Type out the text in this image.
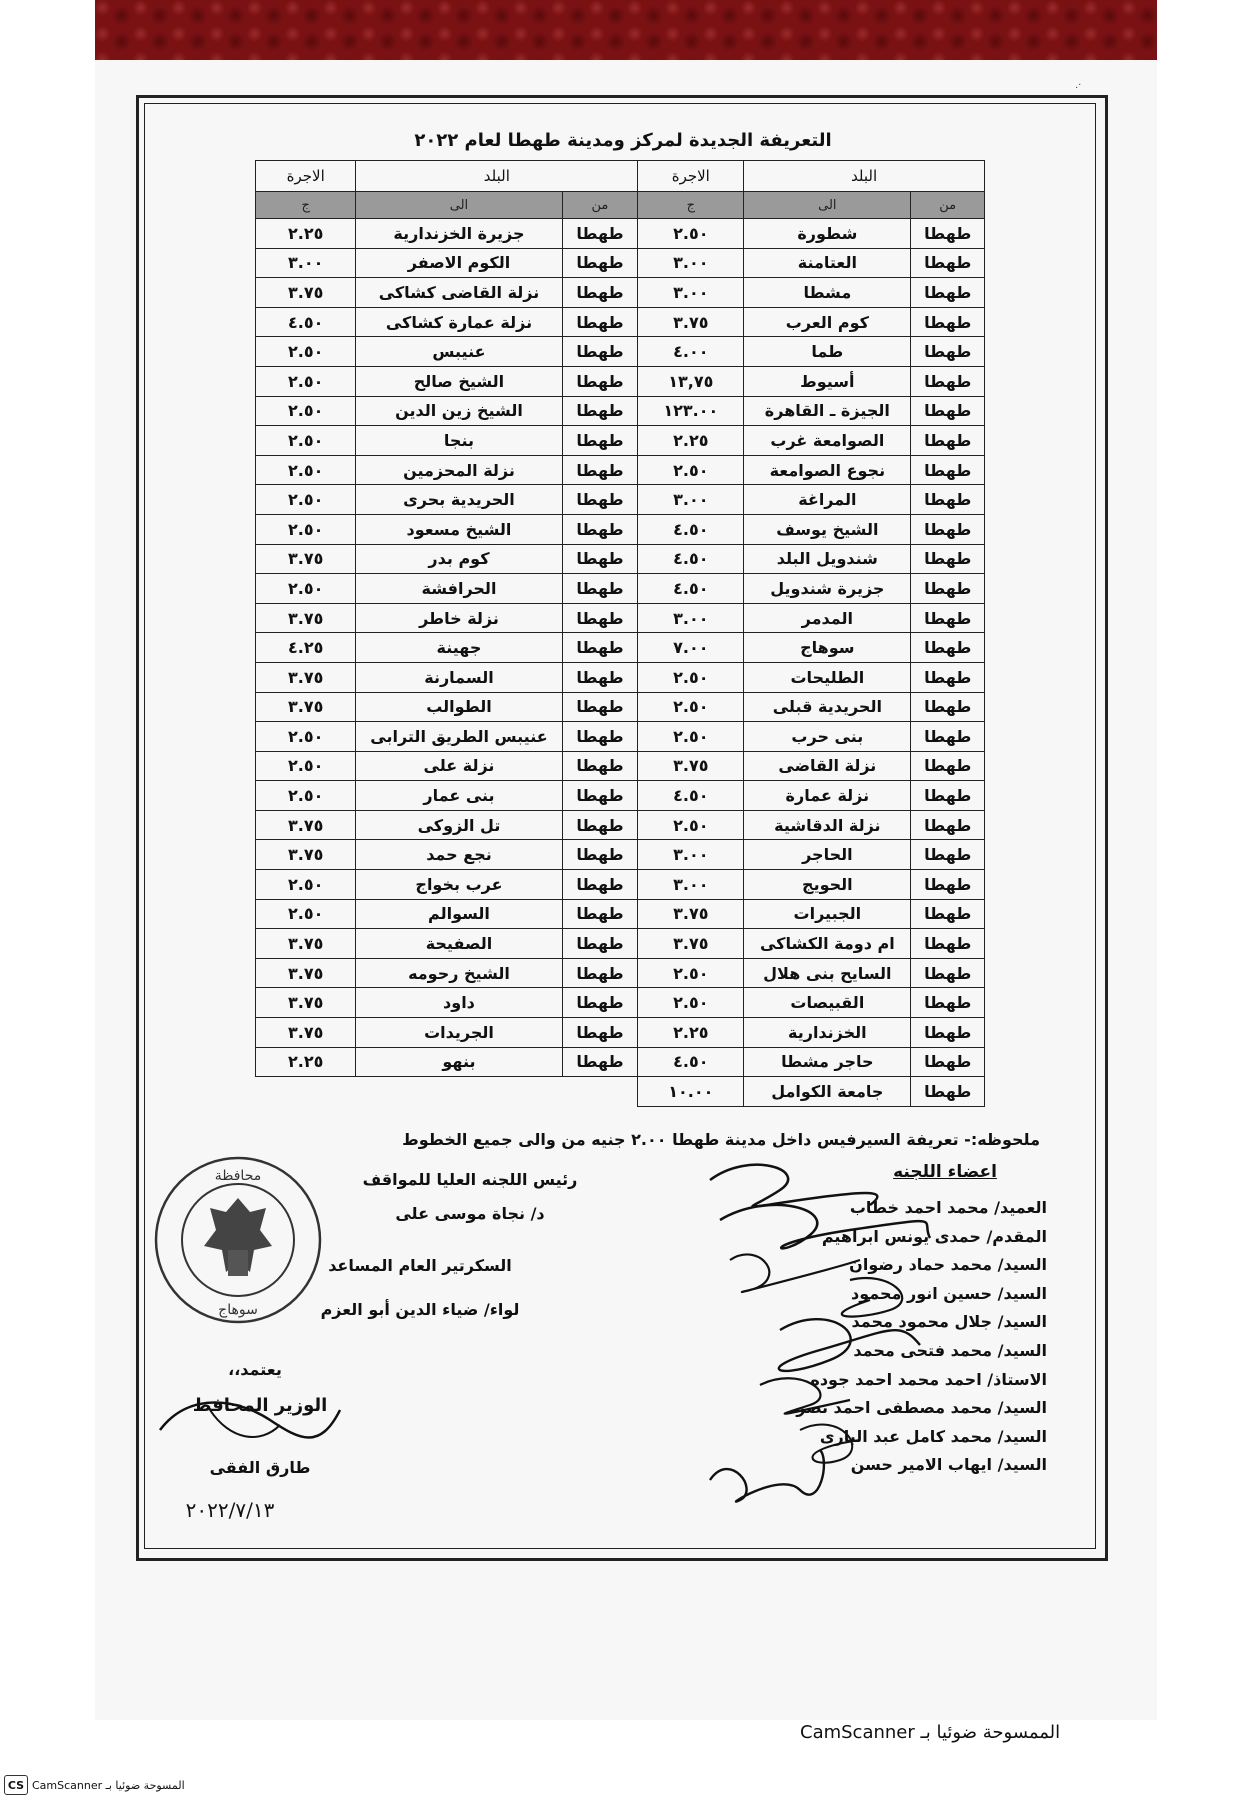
.·
التعريفة الجديدة لمركز ومدينة طهطا لعام ٢٠٢٢
البلد		الاجرة	البلد		الاجرة
من	الى	ج	من	الى	ج
طهطا	شطورة	٢.٥٠	طهطا	جزيرة الخزندارية	٢.٢٥
طهطا	العتامنة	٣.٠٠	طهطا	الكوم الاصفر	٣.٠٠
طهطا	مشطا	٣.٠٠	طهطا	نزلة القاضى كشاكى	٣.٧٥
طهطا	كوم العرب	٣.٧٥	طهطا	نزلة عمارة كشاكى	٤.٥٠
طهطا	طما	٤.٠٠	طهطا	عنيبس	٢.٥٠
طهطا	أسيوط	١٣,٧٥	طهطا	الشيخ صالح	٢.٥٠
طهطا	الجيزة ـ القاهرة	١٢٣.٠٠	طهطا	الشيخ زين الدين	٢.٥٠
طهطا	الصوامعة غرب	٢.٢٥	طهطا	بنجا	٢.٥٠
طهطا	نجوع الصوامعة	٢.٥٠	طهطا	نزلة المحزمين	٢.٥٠
طهطا	المراغة	٣.٠٠	طهطا	الحريدية بحرى	٢.٥٠
طهطا	الشيخ يوسف	٤.٥٠	طهطا	الشيخ مسعود	٢.٥٠
طهطا	شندويل البلد	٤.٥٠	طهطا	كوم بدر	٣.٧٥
طهطا	جزيرة شندويل	٤.٥٠	طهطا	الحرافشة	٢.٥٠
طهطا	المدمر	٣.٠٠	طهطا	نزلة خاطر	٣.٧٥
طهطا	سوهاج	٧.٠٠	طهطا	جهينة	٤.٢٥
طهطا	الطليحات	٢.٥٠	طهطا	السمارنة	٣.٧٥
طهطا	الحريدية قبلى	٢.٥٠	طهطا	الطوالب	٣.٧٥
طهطا	بنى حرب	٢.٥٠	طهطا	عنيبس الطريق الترابى	٢.٥٠
طهطا	نزلة القاضى	٣.٧٥	طهطا	نزلة على	٢.٥٠
طهطا	نزلة عمارة	٤.٥٠	طهطا	بنى عمار	٢.٥٠
طهطا	نزلة الدقاشية	٢.٥٠	طهطا	تل الزوكى	٣.٧٥
طهطا	الحاجر	٣.٠٠	طهطا	نجع حمد	٣.٧٥
طهطا	الحويج	٣.٠٠	طهطا	عرب بخواج	٢.٥٠
طهطا	الجبيرات	٣.٧٥	طهطا	السوالم	٢.٥٠
طهطا	ام دومة الكشاكى	٣.٧٥	طهطا	الصفيحة	٣.٧٥
طهطا	السايح بنى هلال	٢.٥٠	طهطا	الشيخ رحومه	٣.٧٥
طهطا	القبيصات	٢.٥٠	طهطا	داود	٣.٧٥
طهطا	الخزندارية	٢.٢٥	طهطا	الجريدات	٣.٧٥
طهطا	حاجر مشطا	٤.٥٠	طهطا	بنهو	٢.٢٥
طهطا	جامعة الكوامل	١٠.٠٠			
ملحوظه:- تعريفة السيرفيس داخل مدينة طهطا ٢.٠٠ جنيه من والى جميع الخطوط
اعضاء اللجنه
العميد/ محمد احمد خطاب
المقدم/ حمدى يونس ابراهيم
السيد/ محمد حماد رضوان
السيد/ حسين انور محمود
السيد/ جلال محمود محمد
السيد/ محمد فتحى محمد
الاستاذ/ احمد محمد احمد جوده
السيد/ محمد مصطفى احمد نصر
السيد/ محمد كامل عبد البارى
السيد/ ايهاب الامير حسن
رئيس اللجنه العليا للمواقف
د/ نجاة موسى على
السكرتير العام المساعد
لواء/ ضياء الدين أبو العزم
يعتمد،،
الوزير المحافظ
طارق الفقى
٢٠٢٢/٧/١٣
محافظة
سوهاج
الممسوحة ضوئيا بـ CamScanner
CS CamScanner المسوحة ضوئيا بـ
